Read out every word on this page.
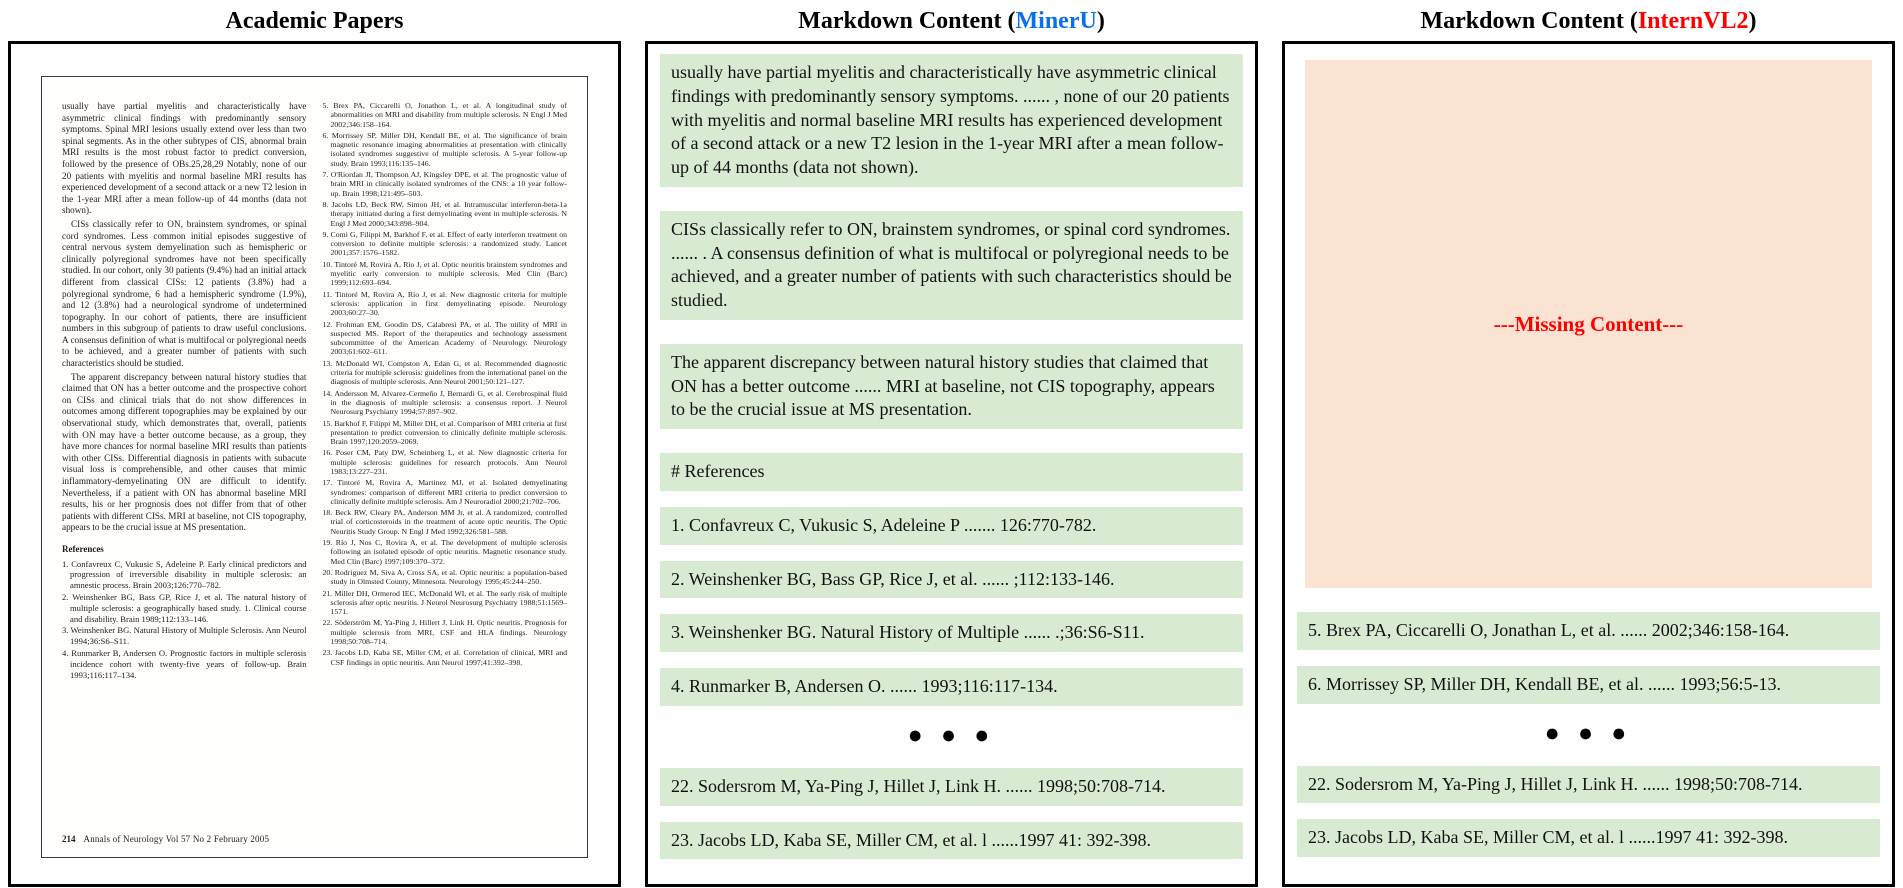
Academic Papers

usually have partial myelitis and characteristically have asymmetric clinical findings with predominantly sensory symptoms. Spinal MRI lesions usually extend over less than two spinal segments. As in the other subtypes of CIS, abnormal brain MRI results is the most robust factor to predict conversion, followed by the presence of OBs.25,28,29 Notably, none of our 20 patients with myelitis and normal baseline MRI results has experienced development of a second attack or a new T2 lesion in the 1-year MRI after a mean follow-up of 44 months (data not shown).

CISs classically refer to ON, brainstem syndromes, or spinal cord syndromes. Less common initial episodes suggestive of central nervous system demyelination such as hemispheric or clinically polyregional syndromes have not been specifically studied. In our cohort, only 30 patients (9.4%) had an initial attack different from classical CISs: 12 patients (3.8%) had a polyregional syndrome, 6 had a hemispheric syndrome (1.9%), and 12 (3.8%) had a neurological syndrome of undetermined topography. In our cohort of patients, there are insufficient numbers in this subgroup of patients to draw useful conclusions. A consensus definition of what is multifocal or polyregional needs to be achieved, and a greater number of patients with such characteristics should be studied.

The apparent discrepancy between natural history studies that claimed that ON has a better outcome and the prospective cohort on CISs and clinical trials that do not show differences in outcomes among different topographies may be explained by our observational study, which demonstrates that, overall, patients with ON may have a better outcome because, as a group, they have more chances for normal baseline MRI results than patients with other CISs. Differential diagnosis in patients with subacute visual loss is comprehensible, and other causes that mimic inflammatory-demyelinating ON are difficult to identify. Nevertheless, if a patient with ON has abnormal baseline MRI results, his or her prognosis does not differ from that of other patients with different CISs. MRI at baseline, not CIS topography, appears to be the crucial issue at MS presentation.

References
1. Confavreux C, Vukusic S, Adeleine P. Early clinical predictors and progression of irreversible disability in multiple sclerosis: an amnestic process. Brain 2003;126:770–782.
2. Weinshenker BG, Bass GP, Rice J, et al. The natural history of multiple sclerosis: a geographically based study. 1. Clinical course and disability. Brain 1989;112:133–146.
3. Weinshenker BG. Natural History of Multiple Sclerosis. Ann Neurol 1994;36:S6–S11.
4. Runmarker B, Andersen O. Prognostic factors in multiple sclerosis incidence cohort with twenty-five years of follow-up. Brain 1993;116:117–134.
214 Annals of Neurology Vol 57 No 2 February 2005
5. Brex PA, Ciccarelli O, Jonathon L, et al. A longitudinal study of abnormalities on MRI and disability from multiple sclerosis. N Engl J Med 2002;346:158–164.
6. Morrissey SP, Miller DH, Kendall BE, et al. The significance of brain magnetic resonance imaging abnormalities at presentation with clinically isolated syndromes suggestive of multiple sclerosis. A 5-year follow-up study. Brain 1993;116:135–146.
7. O'Riordan JI, Thompson AJ, Kingsley DPE, et al. The prognostic value of brain MRI in clinically isolated syndromes of the CNS: a 10 year follow-up. Brain 1998;121:495–503.
8. Jacobs LD, Beck RW, Simon JH, et al. Intramuscular interferon-beta-1a therapy initiated during a first demyelinating event in multiple sclerosis. N Engl J Med 2000;343:898–904.
9. Comi G, Filippi M, Barkhof F, et al. Effect of early interferon treatment on conversion to definite multiple sclerosis: a randomized study. Lancet 2001;357:1576–1582.
10. Tintoré M, Rovira A, Río J, et al. Optic neuritis brainstem syndromes and myelitic early conversion to multiple sclerosis. Med Clin (Barc) 1999;112:693–694.
11. Tintoré M, Rovira A, Río J, et al. New diagnostic criteria for multiple sclerosis: application in first demyelinating episode. Neurology 2003;60:27–30.
12. Frohman EM, Goodin DS, Calabresi PA, et al. The utility of MRI in suspected MS. Report of the therapeutics and technology assessment subcommittee of the American Academy of Neurology. Neurology 2003;61:602–611.
13. McDonald WI, Compston A, Edan G, et al. Recommended diagnostic criteria for multiple sclerosis: guidelines from the international panel on the diagnosis of multiple sclerosis. Ann Neurol 2001;50:121–127.
14. Andersson M, Alvarez-Cermeño J, Bernardi G, et al. Cerebrospinal fluid in the diagnosis of multiple sclerosis: a consensus report. J Neurol Neurosurg Psychiatry 1994;57:897–902.
15. Barkhof F, Filippi M, Miller DH, et al. Comparison of MRI criteria at first presentation to predict conversion to clinically definite multiple sclerosis. Brain 1997;120:2059–2069.
16. Poser CM, Paty DW, Scheinberg L, et al. New diagnostic criteria for multiple sclerosis: guidelines for research protocols. Ann Neurol 1983;13:227–231.
17. Tintoré M, Rovira A, Martinez MJ, et al. Isolated demyelinating syndromes: comparison of different MRI criteria to predict conversion to clinically definite multiple sclerosis. Am J Neuroradiol 2000;21:702–706.
18. Beck RW, Cleary PA, Anderson MM Jr, et al. A randomized, controlled trial of corticosteroids in the treatment of acute optic neuritis. The Optic Neuritis Study Group. N Engl J Med 1992;326:581–588.
19. Río J, Nos C, Rovira A, et al. The development of multiple sclerosis following an isolated episode of optic neuritis. Magnetic resonance study. Med Clin (Barc) 1997;109:370–372.
20. Rodriguez M, Siva A, Cross SA, et al. Optic neuritis: a population-based study in Olmsted County, Minnesota. Neurology 1995;45:244–250.
21. Miller DH, Ormerod IEC, McDonald WI, et al. The early risk of multiple sclerosis after optic neuritis. J Neurol Neurosurg Psychiatry 1988;51:1569–1571.
22. Söderström M, Ya-Ping J, Hillert J, Link H. Optic neuritis. Prognosis for multiple sclerosis from MRI, CSF and HLA findings. Neurology 1998;50:708–714.
23. Jacobs LD, Kaba SE, Miller CM, et al. Correlation of clinical, MRI and CSF findings in optic neuritis. Ann Neurol 1997;41:392–398.
Markdown Content (MinerU)
usually have partial myelitis and characteristically have asymmetric clinical findings with predominantly sensory symptoms. ...... , none of our 20 patients with myelitis and normal baseline MRI results has experienced development of a second attack or a new T2 lesion in the 1-year MRI after a mean follow-up of 44 months (data not shown).
CISs classically refer to ON, brainstem syndromes, or spinal cord syndromes. ...... . A consensus definition of what is multifocal or polyregional needs to be achieved, and a greater number of patients with such characteristics should be studied.
The apparent discrepancy between natural history studies that claimed that ON has a better outcome ...... MRI at baseline, not CIS topography, appears to be the crucial issue at MS presentation.
# References
1. Confavreux C, Vukusic S, Adeleine P ....... 126:770-782.
2. Weinshenker BG, Bass GP, Rice J, et al. ...... ;112:133-146.
3. Weinshenker BG. Natural History of Multiple ...... .;36:S6-S11.
4. Runmarker B, Andersen O. ...... 1993;116:117-134.
● ● ●
22. Sodersrom M, Ya-Ping J, Hillet J, Link H. ...... 1998;50:708-714.
23. Jacobs LD, Kaba SE, Miller CM, et al. l ......1997 41: 392-398.
Markdown Content (InternVL2)
---Missing Content---
5. Brex PA, Ciccarelli O, Jonathan L, et al. ...... 2002;346:158-164.
6. Morrissey SP, Miller DH, Kendall BE, et al. ...... 1993;56:5-13.
● ● ●
22. Sodersrom M, Ya-Ping J, Hillet J, Link H. ...... 1998;50:708-714.
23. Jacobs LD, Kaba SE, Miller CM, et al. l ......1997 41: 392-398.
